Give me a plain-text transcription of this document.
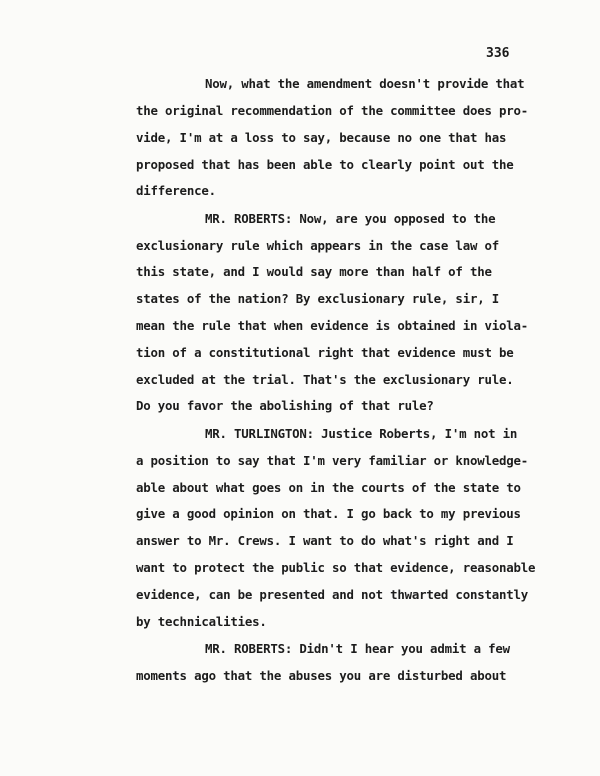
336
Now, what the amendment doesn't provide that
the original recommendation of the committee does pro-
vide, I'm at a loss to say, because no one that has
proposed that has been able to clearly point out the
difference.
MR. ROBERTS: Now, are you opposed to the
exclusionary rule which appears in the case law of
this state, and I would say more than half of the
states of the nation? By exclusionary rule, sir, I
mean the rule that when evidence is obtained in viola-
tion of a constitutional right that evidence must be
excluded at the trial. That's the exclusionary rule.
Do you favor the abolishing of that rule?
MR. TURLINGTON: Justice Roberts, I'm not in
a position to say that I'm very familiar or knowledge-
able about what goes on in the courts of the state to
give a good opinion on that. I go back to my previous
answer to Mr. Crews. I want to do what's right and I
want to protect the public so that evidence, reasonable
evidence, can be presented and not thwarted constantly
by technicalities.
MR. ROBERTS: Didn't I hear you admit a few
moments ago that the abuses you are disturbed about
